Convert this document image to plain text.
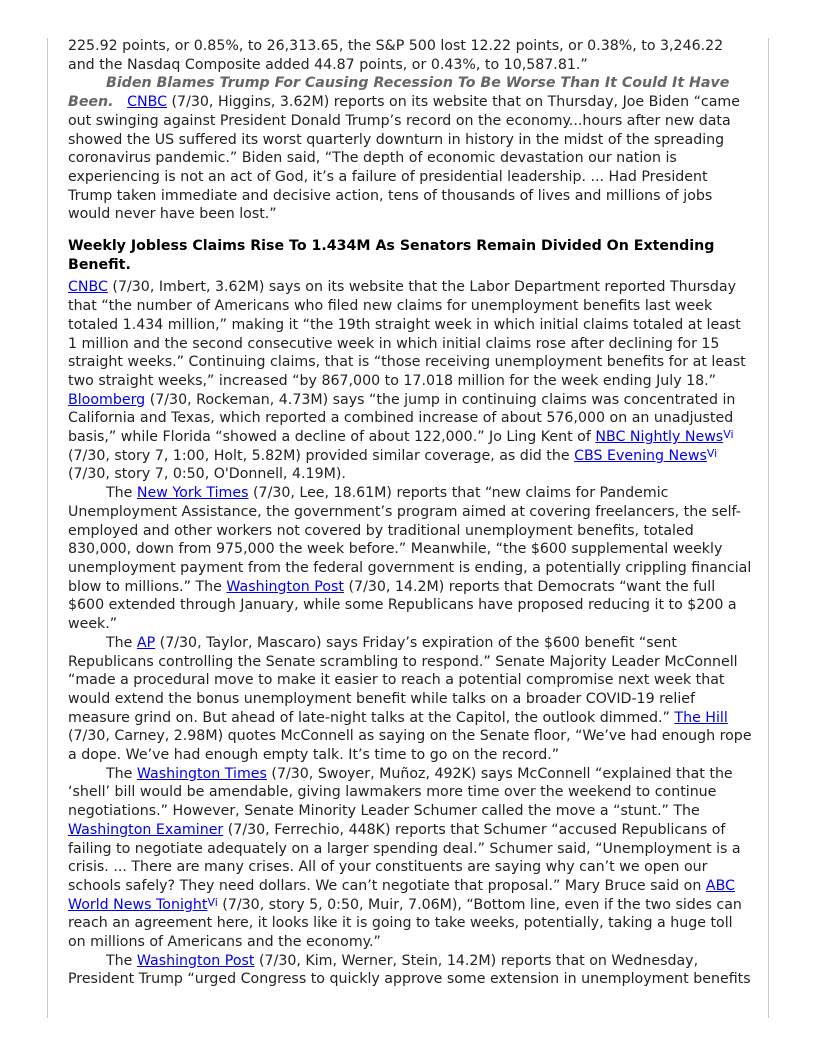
225.92 points, or 0.85%, to 26,313.65, the S&P 500 lost 12.22 points, or 0.38%, to 3,246.22 and the Nasdaq Composite added 44.87 points, or 0.43%, to 10,587.81.”

Biden Blames Trump For Causing Recession To Be Worse Than It Could It Have Been. CNBC (7/30, Higgins, 3.62M) reports on its website that on Thursday, Joe Biden “came out swinging against President Donald Trump’s record on the economy...hours after new data showed the US suffered its worst quarterly downturn in history in the midst of the spreading coronavirus pandemic.” Biden said, “The depth of economic devastation our nation is experiencing is not an act of God, it’s a failure of presidential leadership. ... Had President Trump taken immediate and decisive action, tens of thousands of lives and millions of jobs would never have been lost.”

Weekly Jobless Claims Rise To 1.434M As Senators Remain Divided On Extending Benefit.

CNBC (7/30, Imbert, 3.62M) says on its website that the Labor Department reported Thursday that “the number of Americans who filed new claims for unemployment benefits last week totaled 1.434 million,” making it “the 19th straight week in which initial claims totaled at least 1 million and the second consecutive week in which initial claims rose after declining for 15 straight weeks.” Continuing claims, that is “those receiving unemployment benefits for at least two straight weeks,” increased “by 867,000 to 17.018 million for the week ending July 18.” Bloomberg (7/30, Rockeman, 4.73M) says “the jump in continuing claims was concentrated in California and Texas, which reported a combined increase of about 576,000 on an unadjusted basis,” while Florida “showed a decline of about 122,000.” Jo Ling Kent of NBC Nightly News$^{Vi}$ (7/30, story 7, 1:00, Holt, 5.82M) provided similar coverage, as did the CBS Evening News$^{Vi}$ (7/30, story 7, 0:50, O'Donnell, 4.19M).

The New York Times (7/30, Lee, 18.61M) reports that “new claims for Pandemic Unemployment Assistance, the government’s program aimed at covering freelancers, the self-employed and other workers not covered by traditional unemployment benefits, totaled 830,000, down from 975,000 the week before.” Meanwhile, “the $600 supplemental weekly unemployment payment from the federal government is ending, a potentially crippling financial blow to millions.” The Washington Post (7/30, 14.2M) reports that Democrats “want the full $600 extended through January, while some Republicans have proposed reducing it to $200 a week.”

The AP (7/30, Taylor, Mascaro) says Friday’s expiration of the $600 benefit “sent Republicans controlling the Senate scrambling to respond.” Senate Majority Leader McConnell “made a procedural move to make it easier to reach a potential compromise next week that would extend the bonus unemployment benefit while talks on a broader COVID-19 relief measure grind on. But ahead of late-night talks at the Capitol, the outlook dimmed.” The Hill (7/30, Carney, 2.98M) quotes McConnell as saying on the Senate floor, “We’ve had enough rope a dope. We’ve had enough empty talk. It’s time to go on the record.”

The Washington Times (7/30, Swoyer, Muñoz, 492K) says McConnell “explained that the ‘shell’ bill would be amendable, giving lawmakers more time over the weekend to continue negotiations.” However, Senate Minority Leader Schumer called the move a “stunt.” The Washington Examiner (7/30, Ferrechio, 448K) reports that Schumer “accused Republicans of failing to negotiate adequately on a larger spending deal.” Schumer said, “Unemployment is a crisis. ... There are many crises. All of your constituents are saying why can’t we open our schools safely? They need dollars. We can’t negotiate that proposal.” Mary Bruce said on ABC World News Tonight$^{Vi}$ (7/30, story 5, 0:50, Muir, 7.06M), “Bottom line, even if the two sides can reach an agreement here, it looks like it is going to take weeks, potentially, taking a huge toll on millions of Americans and the economy.”

The Washington Post (7/30, Kim, Werner, Stein, 14.2M) reports that on Wednesday, President Trump “urged Congress to quickly approve some extension in unemployment benefits
